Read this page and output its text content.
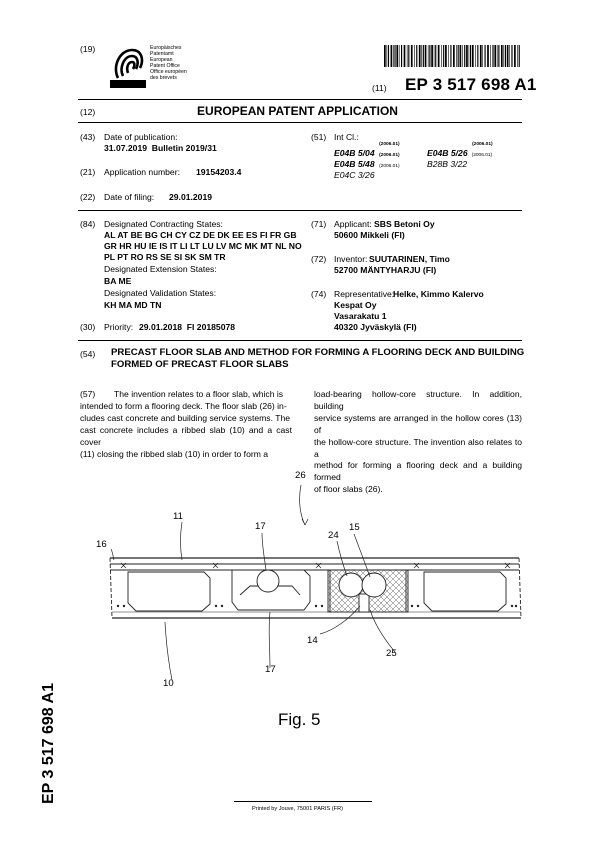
(19)	Europäisches
Patentamt
European
Patent Office
Office européen
des brevets
(11) EP 3 517 698 A1
(12)	EUROPEAN PATENT APPLICATION
(43) Date of publication:
31.07.2019  Bulletin 2019/31
(21) Application number: 19154203.4
(22) Date of filing: 29.01.2019
(51) Int Cl.:
E04B 5/04 $^{(2006.01)}$
E04B 5/26 $^{(2006.01)}$
E04B 5/48 $^{(2006.01)}$
B28B 3/22 $^{(2006.01)}$
E04C 3/26 $^{(2006.01)}$
(84) Designated Contracting States:
AL AT BE BG CH CY CZ DE DK EE ES FI FR GB
GR HR HU IE IS IT LI LT LU LV MC MK MT NL NO
PL PT RO RS SE SI SK SM TR
Designated Extension States:
BA ME
Designated Validation States:
KH MA MD TN
(30) Priority: 29.01.2018  FI 20185078
(71) Applicant: SBS Betoni Oy
50600 Mikkeli (FI)
(72) Inventor: SUUTARINEN, Timo
52700 MÄNTYHARJU (FI)
(74) Representative:
Helke, Kimmo Kalervo
Kespat Oy
Vasarakatu 1
40320 Jyväskylä (FI)
(54) PRECAST FLOOR SLAB AND METHOD FOR FORMING A FLOORING DECK AND BUILDING
FORMED OF PRECAST FLOOR SLABS
(57)	The invention relates to a floor slab, which is
intended to form a flooring deck. The floor slab (26) in-
cludes cast concrete and building service systems. The
cast concrete includes a ribbed slab (10) and a cast cover
(11) closing the ribbed slab (10) in order to form a
load-bearing hollow-core structure. In addition, building
service systems are arranged in the hollow cores (13) of
the hollow-core structure. The invention also relates to a
method for forming a flooring deck and a building formed
of floor slabs (26).
26
11
17
24
15
16
14
25
10
17
Fig. 5
EP 3 517 698 A1
Printed by Jouve, 75001 PARIS (FR)
